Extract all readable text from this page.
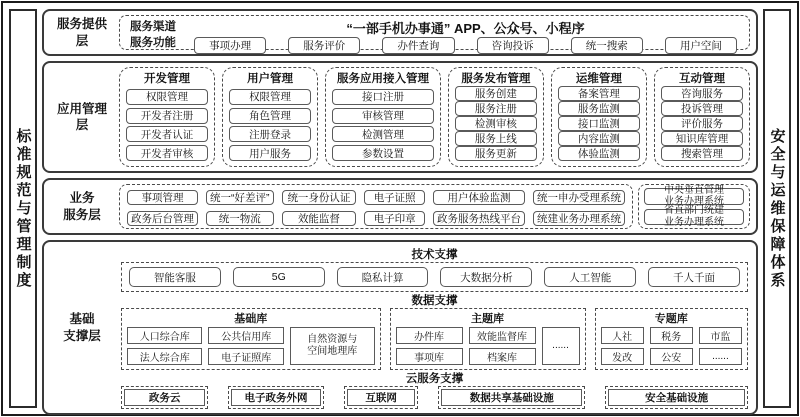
标准规范与管理制度
服务提供
层
服务渠道
服务功能
“一部手机办事通” APP、公众号、小程序
事项办理	服务评价	办件查询	咨询投诉	统一搜索	用户空间
应用管理
层
开发管理
权限管理
开发者注册
开发者认证
开发者审核
用户管理
权限管理
角色管理
注册登录
用户服务
服务应用接入管理
接口注册
审核管理
检测管理
参数设置
服务发布管理
服务创建
服务注册
检测审核
服务上线
服务更新
运维管理
备案管理
服务监测
接口监测
内容监测
体验监测
互动管理
咨询服务
投诉管理
评价服务
知识库管理
搜索管理
业务
服务层
事项管理	统一“好差评”	统一身份认证	电子证照	用户体验监测	统一申办受理系统
政务后台管理	统一物流	效能监督	电子印章	政务服务热线平台	统建业务办理系统
中央垂直管理
业务办理系统
省直部门统建
业务办理系统
基础
支撑层
技术支撑
智能客服	5G	隐私计算	大数据分析	人工智能	千人千面
数据支撑
基础库
人口综合库	公共信用库
法人综合库	电子证照库
自然资源与
空间地理库
主题库
办件库	效能监督库
事项库	档案库
......
专题库
人社	税务	市监
发改	公安	......
云服务支撑
政务云	电子政务外网	互联网	数据共享基础设施	安全基础设施
安全与运维保障体系
